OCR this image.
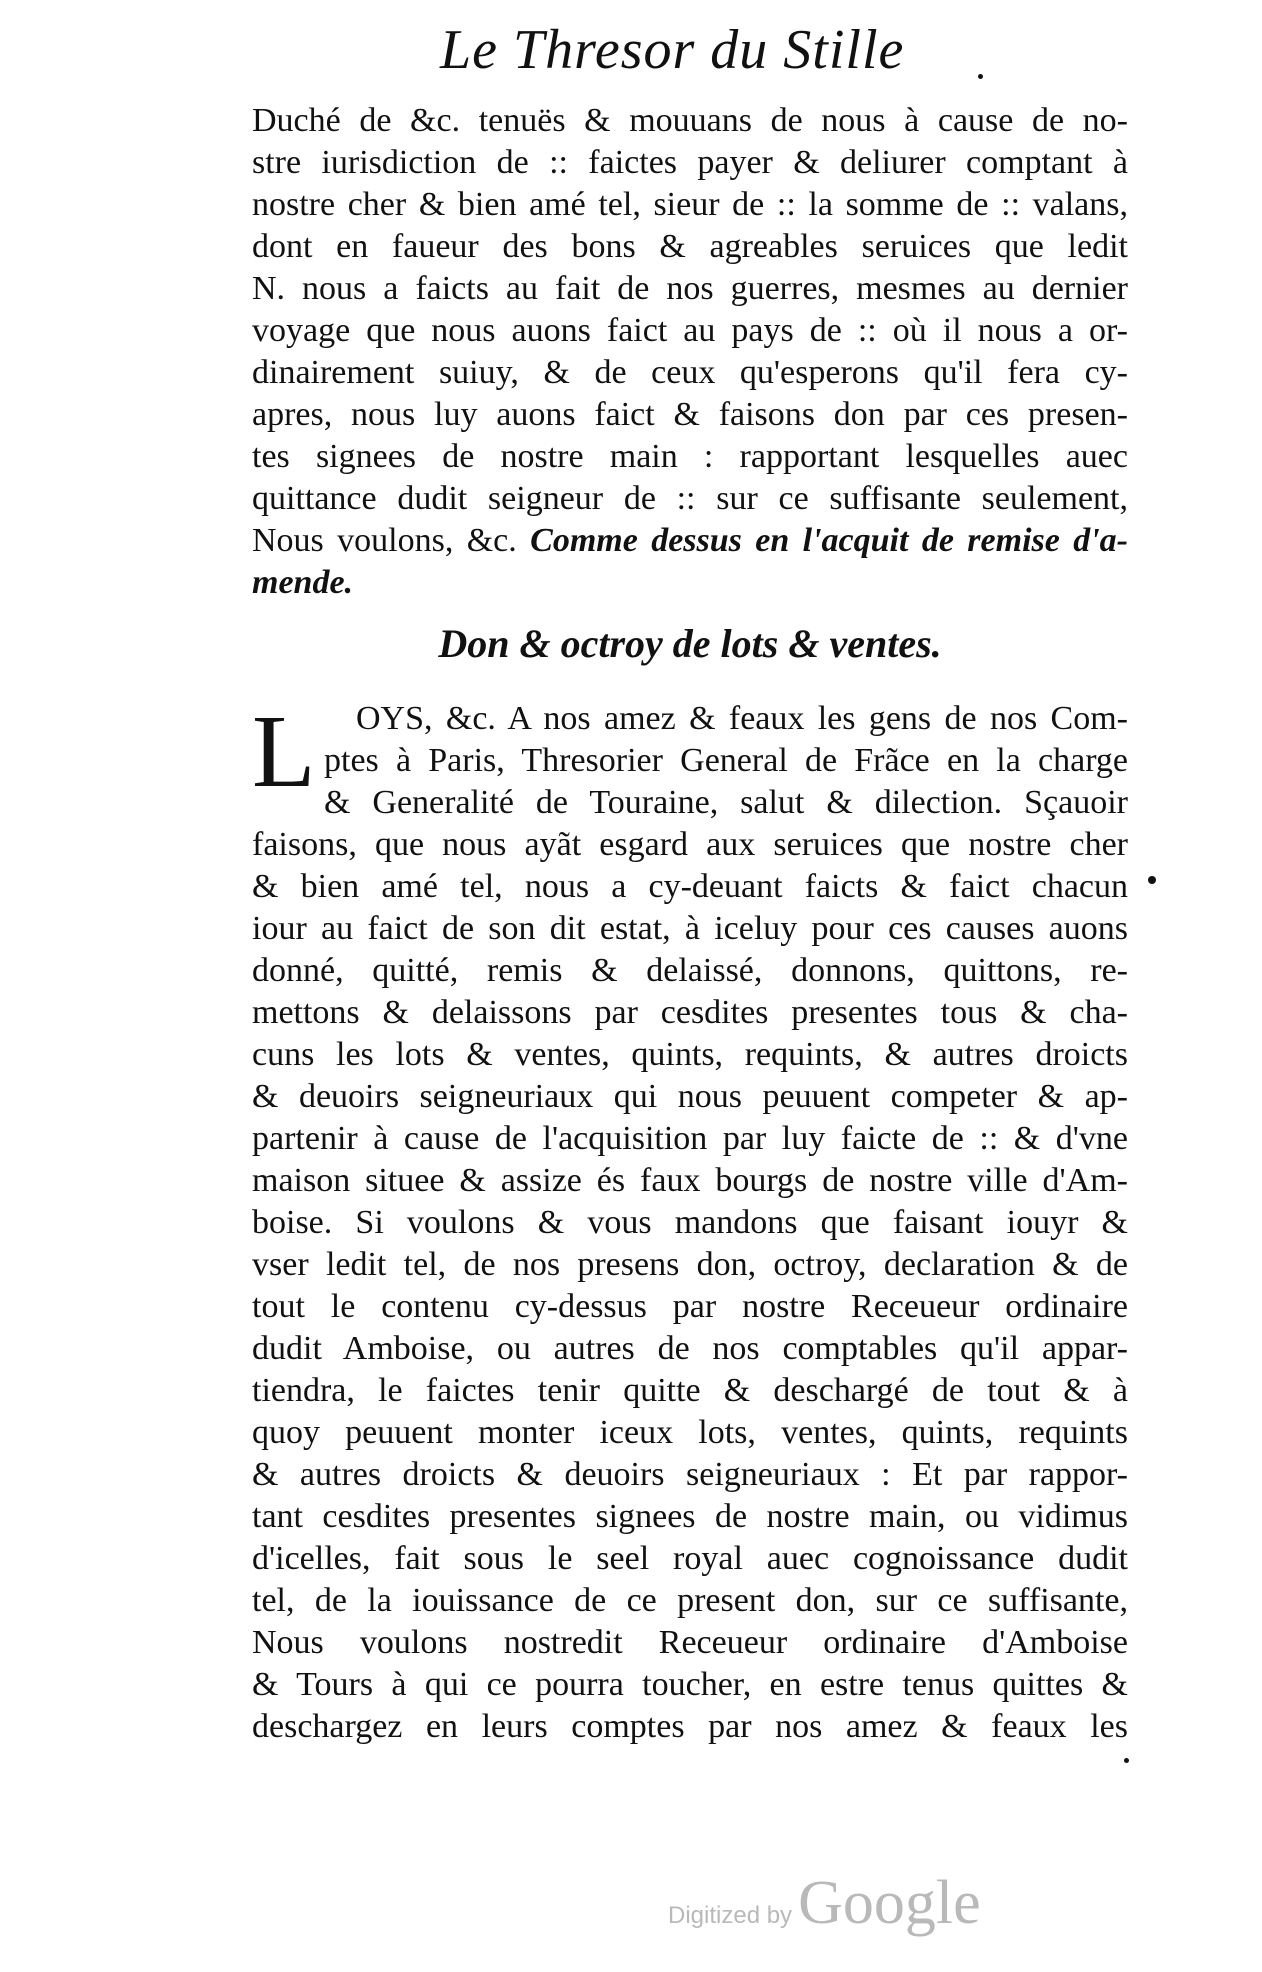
Le Thresor du Stille
Duché de &c. tenuës & mouuans de nous à cause de no-
stre iurisdiction de :: faictes payer & deliurer comptant à
nostre cher & bien amé tel, sieur de :: la somme de :: valans,
dont en faueur des bons & agreables seruices que ledit
N. nous a faicts au fait de nos guerres, mesmes au dernier
voyage que nous auons faict au pays de :: où il nous a or-
dinairement suiuy, & de ceux qu'esperons qu'il fera cy-
apres, nous luy auons faict & faisons don par ces presen-
tes signees de nostre main : rapportant lesquelles auec
quittance dudit seigneur de :: sur ce suffisante seulement,
Nous voulons, &c. Comme dessus en l'acquit de remise d'a-
mende.
Don & octroy de lots & ventes.
L	OYS, &c. A nos amez & feaux les gens de nos Com-
ptes à Paris, Thresorier General de Frãce en la charge
& Generalité de Touraine, salut & dilection. Sçauoir
faisons, que nous ayãt esgard aux seruices que nostre cher
& bien amé tel, nous a cy-deuant faicts & faict chacun
iour au faict de son dit estat, à iceluy pour ces causes auons
donné, quitté, remis & delaissé, donnons, quittons, re-
mettons & delaissons par cesdites presentes tous & cha-
cuns les lots & ventes, quints, requints, & autres droicts
& deuoirs seigneuriaux qui nous peuuent competer & ap-
partenir à cause de l'acquisition par luy faicte de :: & d'vne
maison situee & assize és faux bourgs de nostre ville d'Am-
boise. Si voulons & vous mandons que faisant iouyr &
vser ledit tel, de nos presens don, octroy, declaration & de
tout le contenu cy-dessus par nostre Receueur ordinaire
dudit Amboise, ou autres de nos comptables qu'il appar-
tiendra, le faictes tenir quitte & deschargé de tout & à
quoy peuuent monter iceux lots, ventes, quints, requints
& autres droicts & deuoirs seigneuriaux : Et par rappor-
tant cesdites presentes signees de nostre main, ou vidimus
d'icelles, fait sous le seel royal auec cognoissance dudit
tel, de la iouissance de ce present don, sur ce suffisante,
Nous voulons nostredit Receueur ordinaire d'Amboise
& Tours à qui ce pourra toucher, en estre tenus quittes &
deschargez en leurs comptes par nos amez & feaux les
Digitized byGoogle
